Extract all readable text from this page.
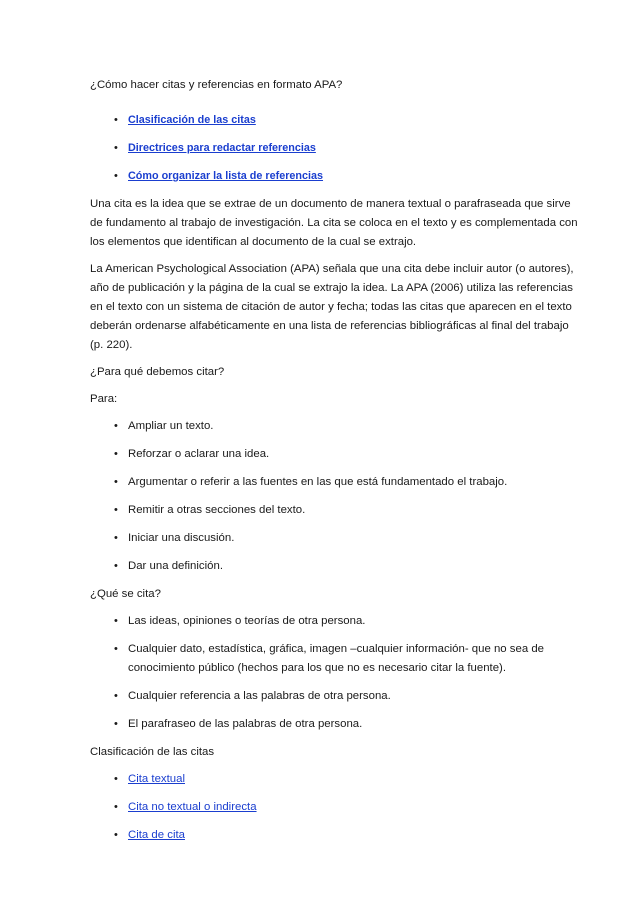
¿Cómo hacer citas y referencias en formato APA?

• Clasificación de las citas
• Directrices para redactar referencias
• Cómo organizar la lista de referencias

Una cita es la idea que se extrae de un documento de manera textual o parafraseada que sirve de fundamento al trabajo de investigación. La cita se coloca en el texto y es complementada con los elementos que identifican al documento de la cual se extrajo.

La American Psychological Association (APA) señala que una cita debe incluir autor (o autores), año de publicación y la página de la cual se extrajo la idea. La APA (2006) utiliza las referencias en el texto con un sistema de citación de autor y fecha; todas las citas que aparecen en el texto deberán ordenarse alfabéticamente en una lista de referencias bibliográficas al final del trabajo (p. 220).

¿Para qué debemos citar?

Para:

• Ampliar un texto.
• Reforzar o aclarar una idea.
• Argumentar o referir a las fuentes en las que está fundamentado el trabajo.
• Remitir a otras secciones del texto.
• Iniciar una discusión.
• Dar una definición.

¿Qué se cita?

• Las ideas, opiniones o teorías de otra persona.
• Cualquier dato, estadística, gráfica, imagen –cualquier información- que no sea de conocimiento público (hechos para los que no es necesario citar la fuente).
• Cualquier referencia a las palabras de otra persona.
• El parafraseo de las palabras de otra persona.

Clasificación de las citas

• Cita textual
• Cita no textual o indirecta
• Cita de cita
